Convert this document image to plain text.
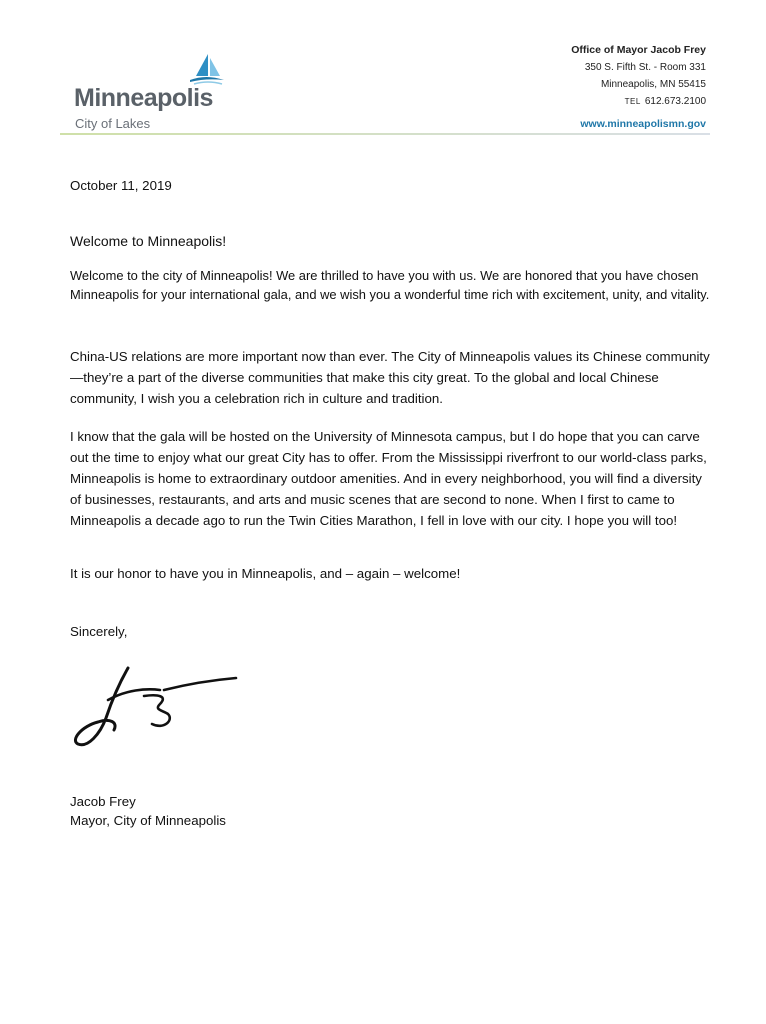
Minneapolis
City of Lakes
Office of Mayor Jacob Frey
350 S. Fifth St. - Room 331
Minneapolis, MN 55415
TEL 612.673.2100
www.minneapolismn.gov
October 11, 2019
Welcome to Minneapolis!
Welcome to the city of Minneapolis! We are thrilled to have you with us. We are honored that you have chosen Minneapolis for your international gala, and we wish you a wonderful time rich with excitement, unity, and vitality.
China-US relations are more important now than ever. The City of Minneapolis values its Chinese community—they’re a part of the diverse communities that make this city great. To the global and local Chinese community, I wish you a celebration rich in culture and tradition.
I know that the gala will be hosted on the University of Minnesota campus, but I do hope that you can carve out the time to enjoy what our great City has to offer. From the Mississippi riverfront to our world-class parks, Minneapolis is home to extraordinary outdoor amenities. And in every neighborhood, you will find a diversity of businesses, restaurants, and arts and music scenes that are second to none. When I first to came to Minneapolis a decade ago to run the Twin Cities Marathon, I fell in love with our city. I hope you will too!
It is our honor to have you in Minneapolis, and – again – welcome!
Sincerely,
Jacob Frey
Mayor, City of Minneapolis
